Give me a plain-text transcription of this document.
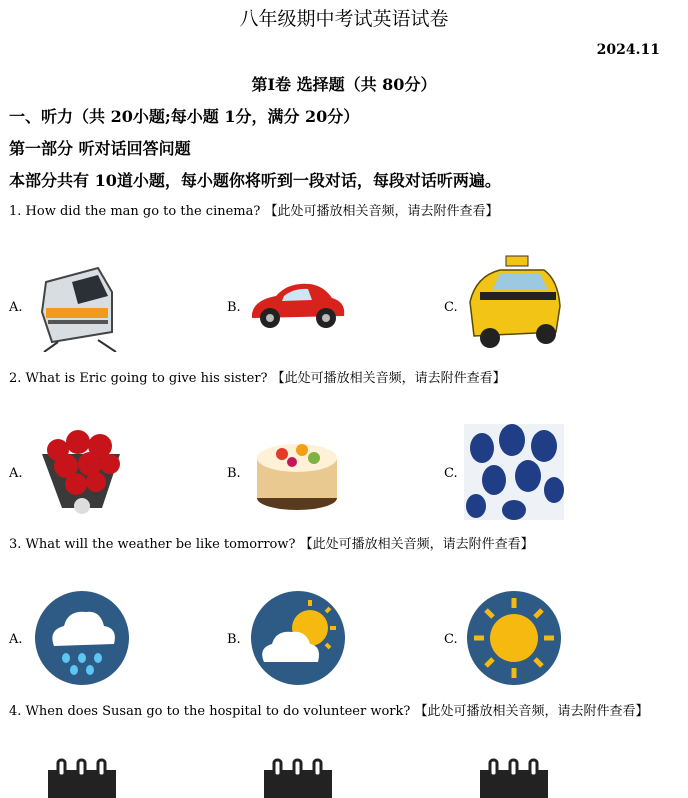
八年级期中考试英语试卷
2024.11
第Ⅰ卷 选择题（共 80分）
一、听力（共 20小题;每小题 1分，满分 20分）
第一部分 听对话回答问题
本部分共有 10道小题，每小题你将听到一段对话，每段对话听两遍。
1. How did the man go to the cinema? 【此处可播放相关音频，请去附件查看】
A.	B.	C.
2. What is Eric going to give his sister? 【此处可播放相关音频，请去附件查看】
A.	B.	C.
3. What will the weather be like tomorrow? 【此处可播放相关音频，请去附件查看】
A.	B.	C.
4. When does Susan go to the hospital to do volunteer work? 【此处可播放相关音频，请去附件查看】
